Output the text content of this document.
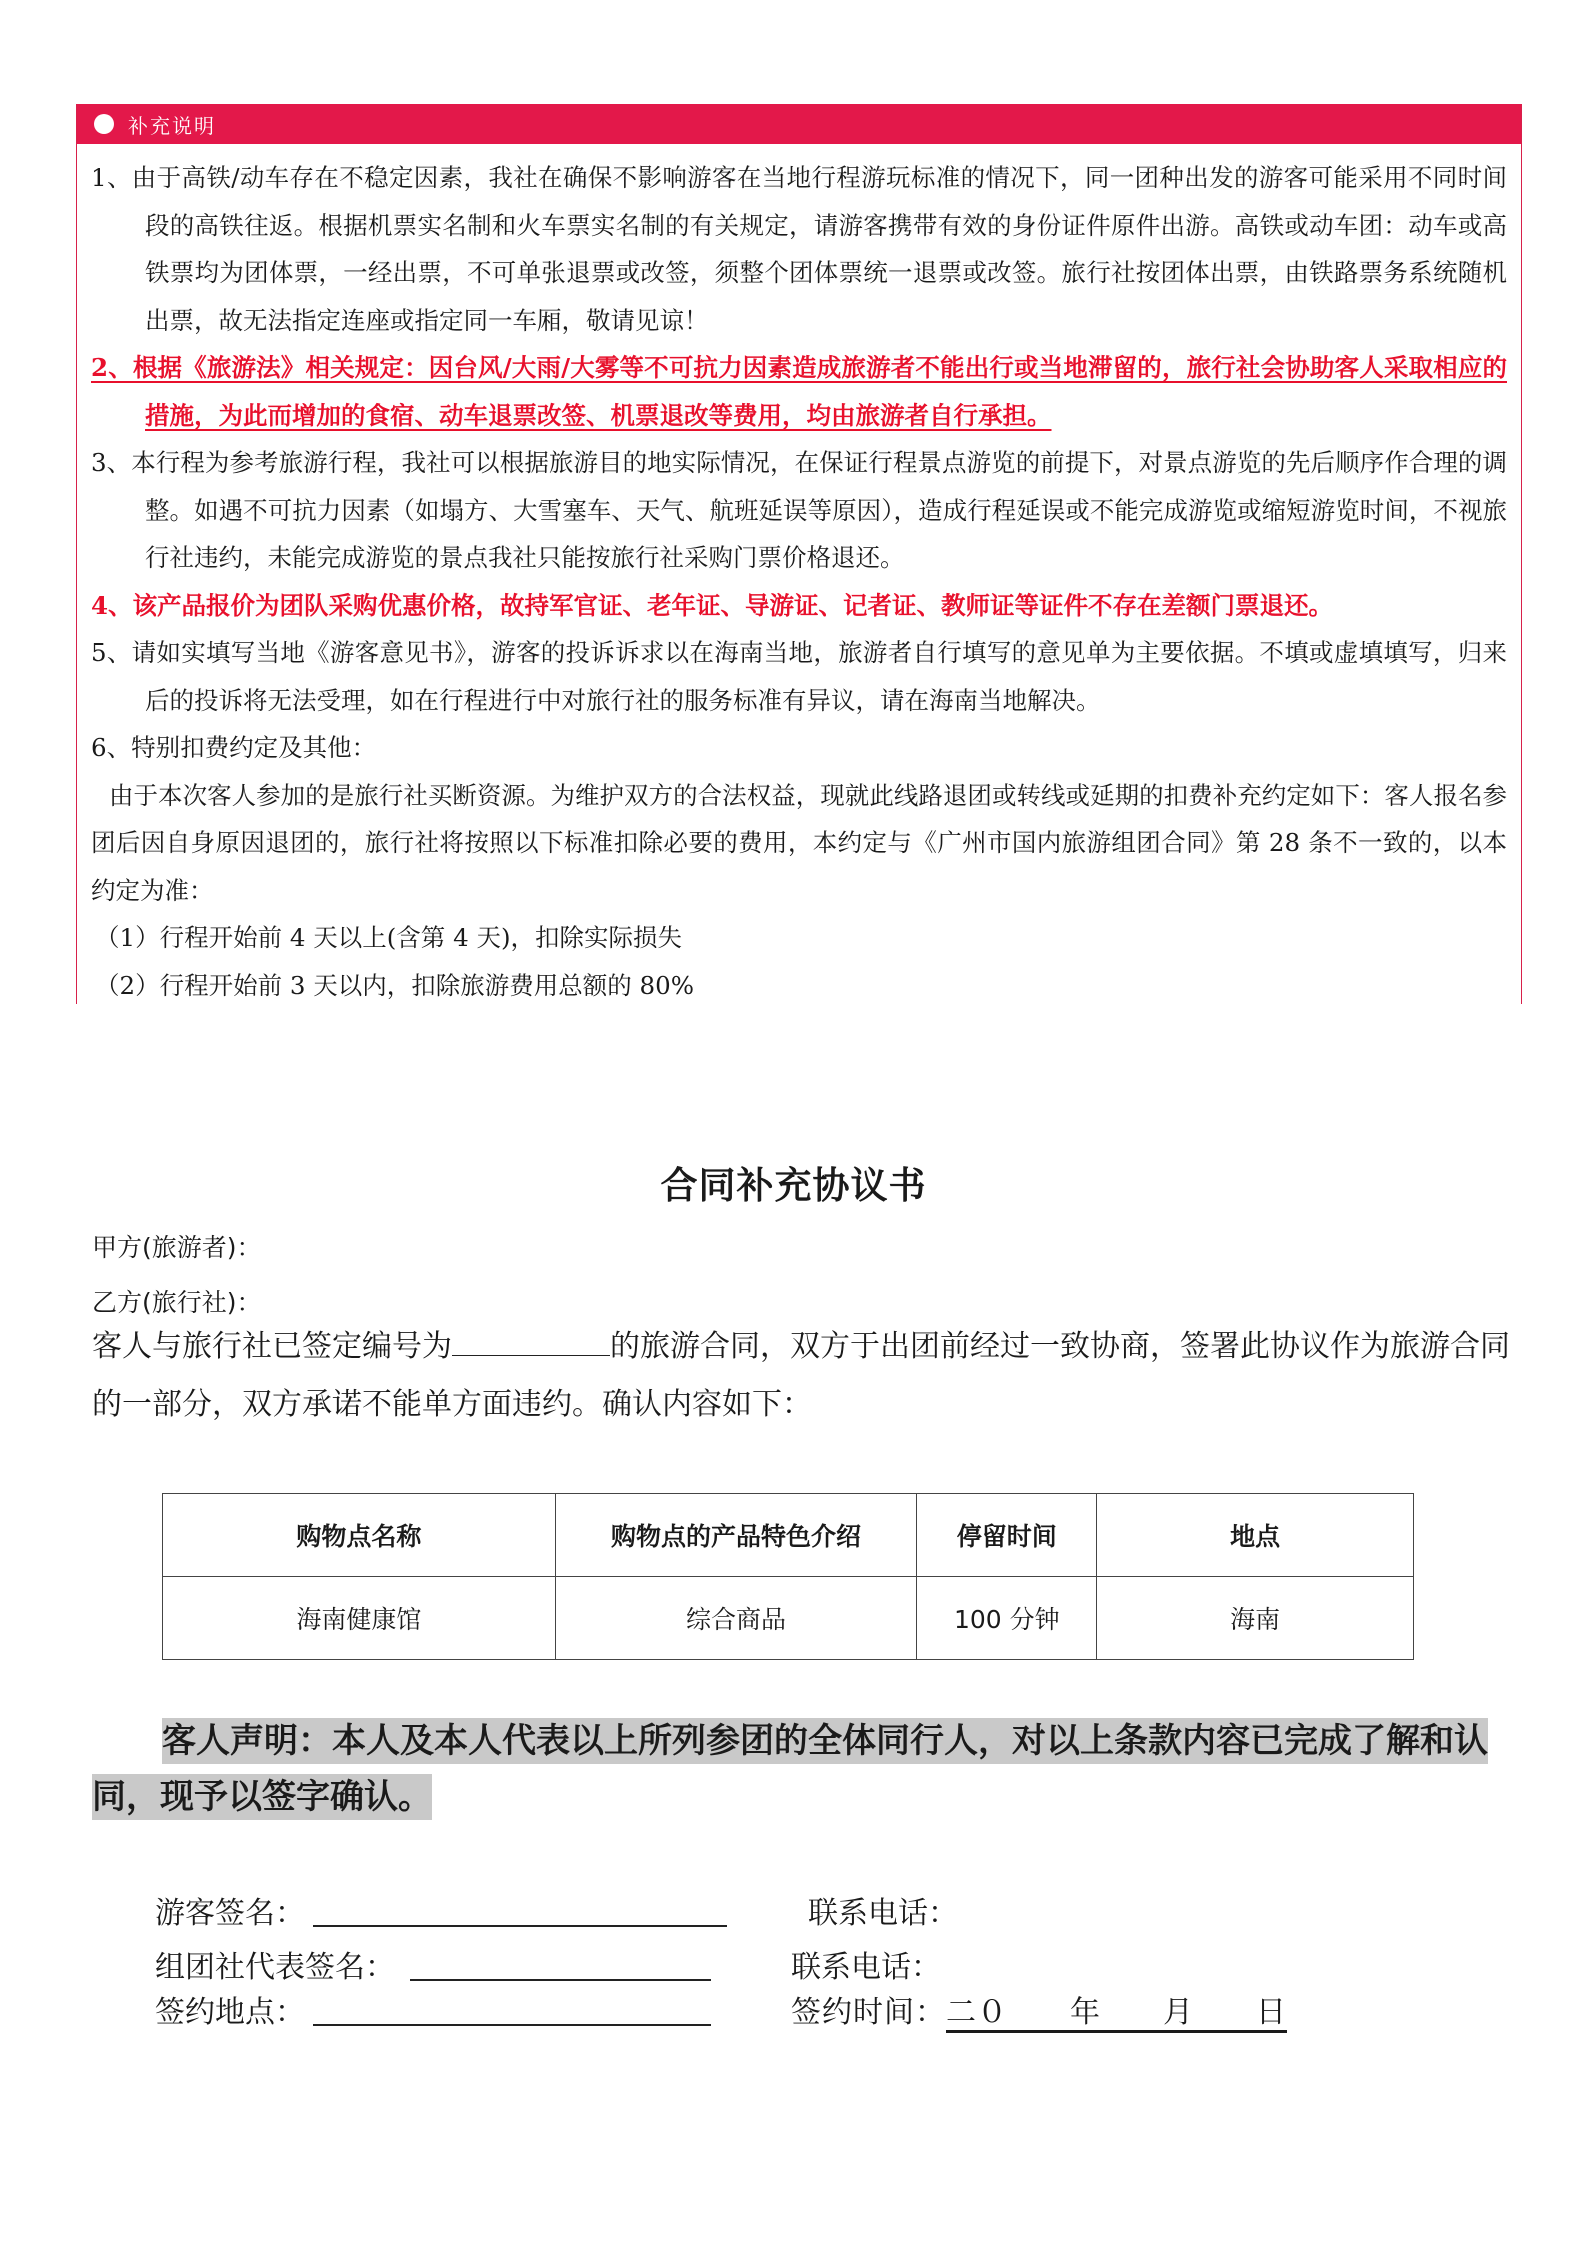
补充说明
1、由于高铁/动车存在不稳定因素，我社在确保不影响游客在当地行程游玩标准的情况下，同一团种出发的游客可能采用不同时间段的高铁往返。根据机票实名制和火车票实名制的有关规定，请游客携带有效的身份证件原件出游。高铁或动车团：动车或高铁票均为团体票，一经出票，不可单张退票或改签，须整个团体票统一退票或改签。旅行社按团体出票，由铁路票务系统随机出票，故无法指定连座或指定同一车厢，敬请见谅！
2、根据《旅游法》相关规定：因台风/大雨/大雾等不可抗力因素造成旅游者不能出行或当地滞留的，旅行社会协助客人采取相应的措施，为此而增加的食宿、动车退票改签、机票退改等费用，均由旅游者自行承担。
3、本行程为参考旅游行程，我社可以根据旅游目的地实际情况，在保证行程景点游览的前提下，对景点游览的先后顺序作合理的调整。如遇不可抗力因素（如塌方、大雪塞车、天气、航班延误等原因），造成行程延误或不能完成游览或缩短游览时间，不视旅行社违约，未能完成游览的景点我社只能按旅行社采购门票价格退还。
4、该产品报价为团队采购优惠价格，故持军官证、老年证、导游证、记者证、教师证等证件不存在差额门票退还。
5、请如实填写当地《游客意见书》，游客的投诉诉求以在海南当地，旅游者自行填写的意见单为主要依据。不填或虚填填写，归来后的投诉将无法受理，如在行程进行中对旅行社的服务标准有异议，请在海南当地解决。
6、特别扣费约定及其他：
由于本次客人参加的是旅行社买断资源。为维护双方的合法权益，现就此线路退团或转线或延期的扣费补充约定如下：客人报名参团后因自身原因退团的，旅行社将按照以下标准扣除必要的费用，本约定与《广州市国内旅游组团合同》第 28 条不一致的，以本约定为准：
（1）行程开始前 4 天以上(含第 4 天)，扣除实际损失
（2）行程开始前 3 天以内，扣除旅游费用总额的 80%
合同补充协议书
甲方(旅游者)：
乙方(旅行社)：
客人与旅行社已签定编号为	的旅游合同，双方于出团前经过一致协商，签署此协议作为旅游合同的一部分，双方承诺不能单方面违约。确认内容如下：
购物点名称	购物点的产品特色介绍	停留时间	地点
海南健康馆	综合商品	100 分钟	海南
客人声明：本人及本人代表以上所列参团的全体同行人，对以上条款内容已完成了解和认同，现予以签字确认。
游客签名：	联系电话：
组团社代表签名：	联系电话：
签约地点：	签约时间：二０　　年　　月　　日
